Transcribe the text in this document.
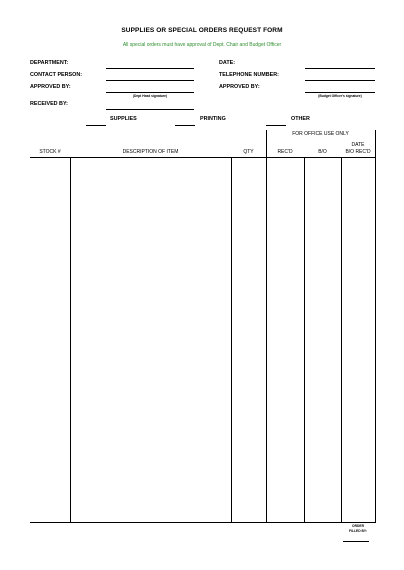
SUPPLIES OR SPECIAL ORDERS REQUEST FORM
All special orders must have approval of Dept. Chair and Budget Officer
DEPARTMENT:	DATE:
CONTACT PERSON:	TELEPHONE NUMBER:
APPROVED BY:
(Dept Head signature)
APPROVED BY:
(Budget Officer's signature)
RECEIVED BY:
SUPPLIES	PRINTING	OTHER
FOR OFFICE USE ONLY
DATE
STOCK #	DESCRIPTION OF ITEM	QTY	REC'D	B/O	B/O REC'D
ORDER
FILLED BY:
